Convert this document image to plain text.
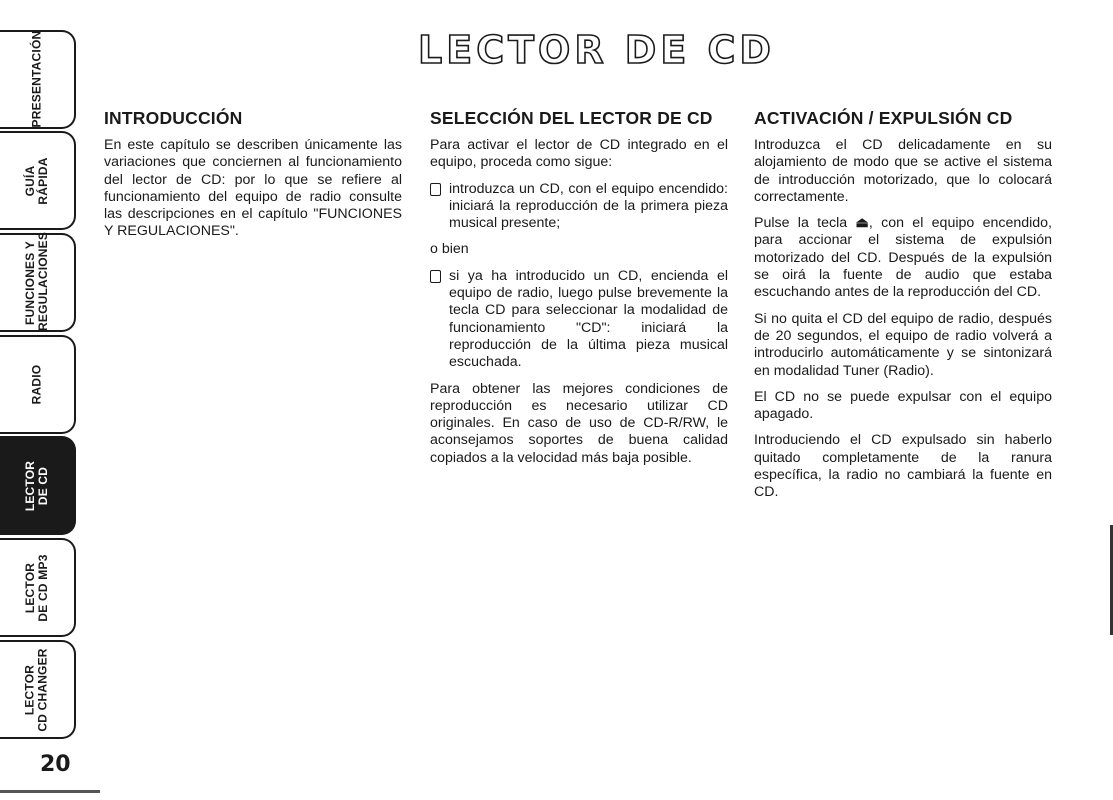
PRESENTACIÓN
GUÍA
RÁPIDA
FUNCIONES Y
REGULACIONES
RADIO
LECTOR
DE CD
LECTOR
DE CD MP3
LECTOR
CD CHANGER
20
LECTOR DE CD
INTRODUCCIÓN

En este capítulo se describen únicamente las variaciones que conciernen al funcionamiento del lector de CD: por lo que se refiere al funcionamiento del equipo de radio consulte las descripciones en el capítulo "FUNCIONES Y REGULACIONES".

SELECCIÓN DEL LECTOR DE CD

Para activar el lector de CD integrado en el equipo, proceda como sigue:

introduzca un CD, con el equipo encendido: iniciará la reproducción de la primera pieza musical presente;

o bien

si ya ha introducido un CD, encienda el equipo de radio, luego pulse brevemente la tecla CD para seleccionar la modalidad de funcionamiento "CD": iniciará la reproducción de la última pieza musical escuchada.

Para obtener las mejores condiciones de reproducción es necesario utilizar CD originales. En caso de uso de CD-R/RW, le aconsejamos soportes de buena calidad copiados a la velocidad más baja posible.

ACTIVACIÓN / EXPULSIÓN CD

Introduzca el CD delicadamente en su alojamiento de modo que se active el sistema de introducción motorizado, que lo colocará correctamente.

Pulse la tecla ⏏, con el equipo encendido, para accionar el sistema de expulsión motorizado del CD. Después de la expulsión se oirá la fuente de audio que estaba escuchando antes de la reproducción del CD.

Si no quita el CD del equipo de radio, después de 20 segundos, el equipo de radio volverá a introducirlo automáticamente y se sintonizará en modalidad Tuner (Radio).

El CD no se puede expulsar con el equipo apagado.

Introduciendo el CD expulsado sin haberlo quitado completamente de la ranura específica, la radio no cambiará la fuente en CD.
